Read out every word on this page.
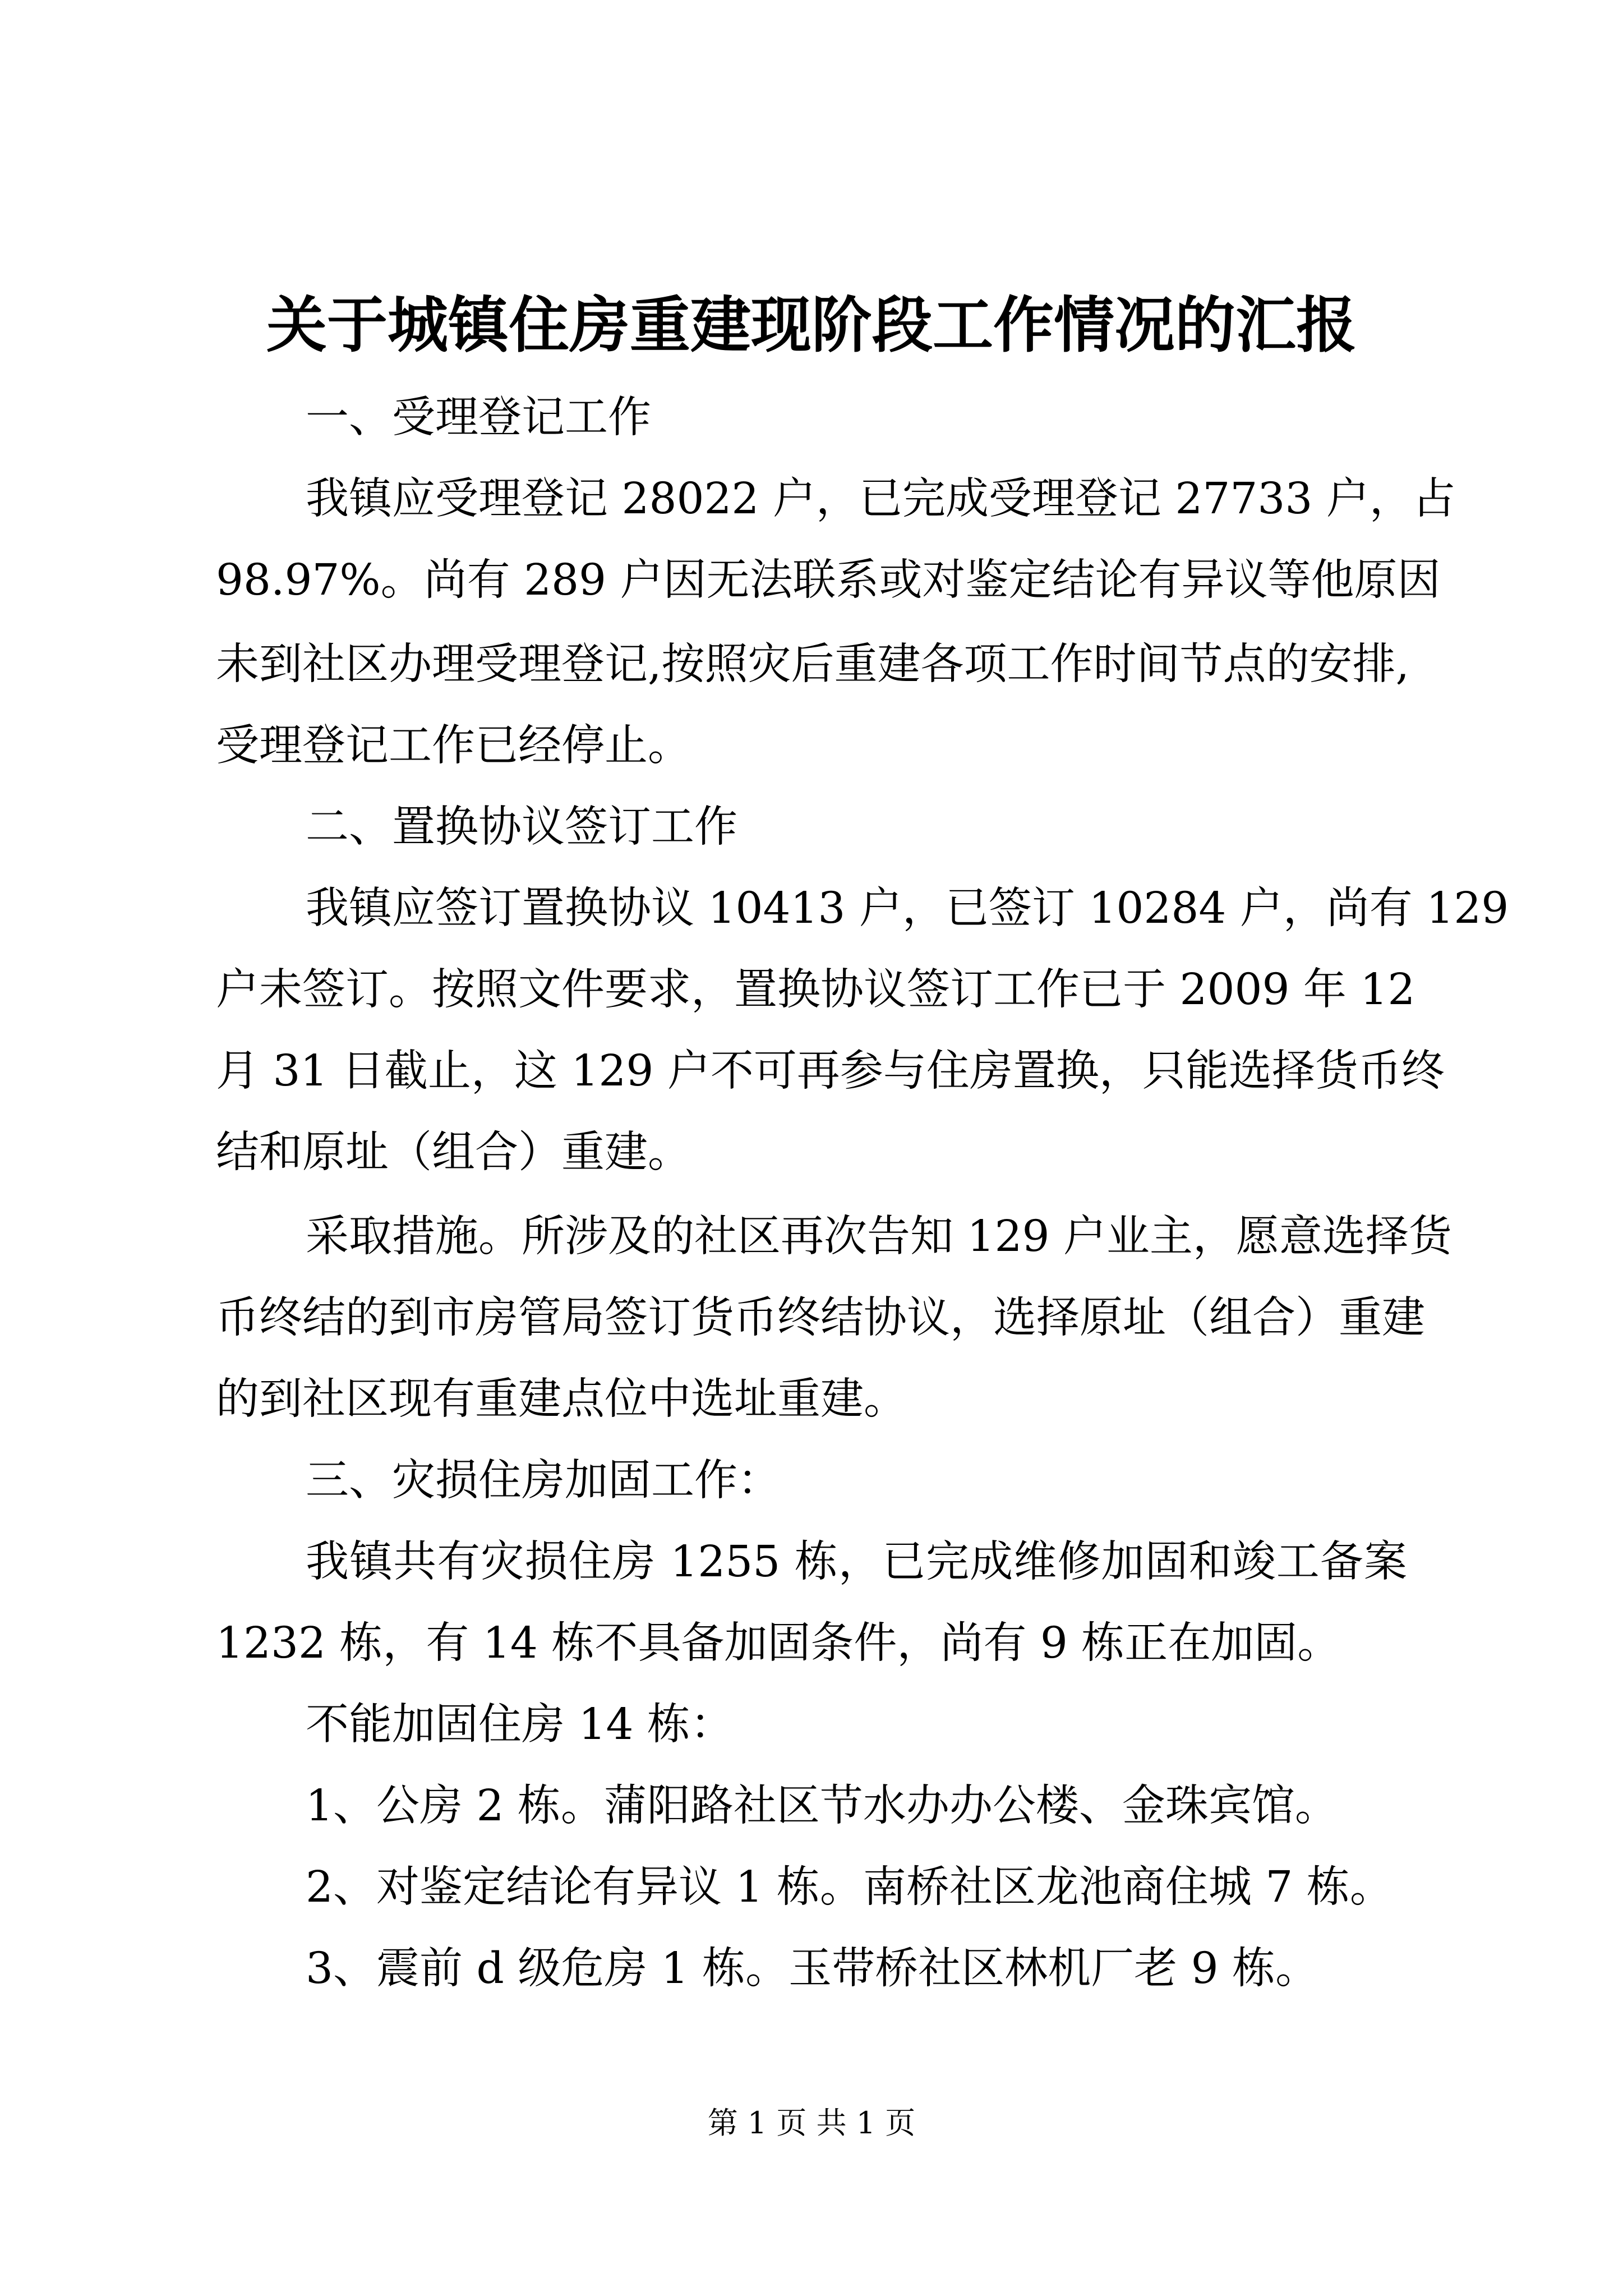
关于城镇住房重建现阶段工作情况的汇报
一、受理登记工作
我镇应受理登记 28022 户，已完成受理登记 27733 户，占
98.97%。尚有 289 户因无法联系或对鉴定结论有异议等他原因
未到社区办理受理登记,按照灾后重建各项工作时间节点的安排,
受理登记工作已经停止。
二、置换协议签订工作
我镇应签订置换协议 10413 户，已签订 10284 户，尚有 129
户未签订。按照文件要求，置换协议签订工作已于 2009 年 12
月 31 日截止，这 129 户不可再参与住房置换，只能选择货币终
结和原址（组合）重建。
采取措施。所涉及的社区再次告知 129 户业主，愿意选择货
币终结的到市房管局签订货币终结协议，选择原址（组合）重建
的到社区现有重建点位中选址重建。
三、灾损住房加固工作：
我镇共有灾损住房 1255 栋，已完成维修加固和竣工备案
1232 栋，有 14 栋不具备加固条件，尚有 9 栋正在加固。
不能加固住房 14 栋：
1、公房 2 栋。蒲阳路社区节水办办公楼、金珠宾馆。
2、对鉴定结论有异议 1 栋。南桥社区龙池商住城 7 栋。
3、震前 d 级危房 1 栋。玉带桥社区林机厂老 9 栋。
第 1 页 共 1 页
